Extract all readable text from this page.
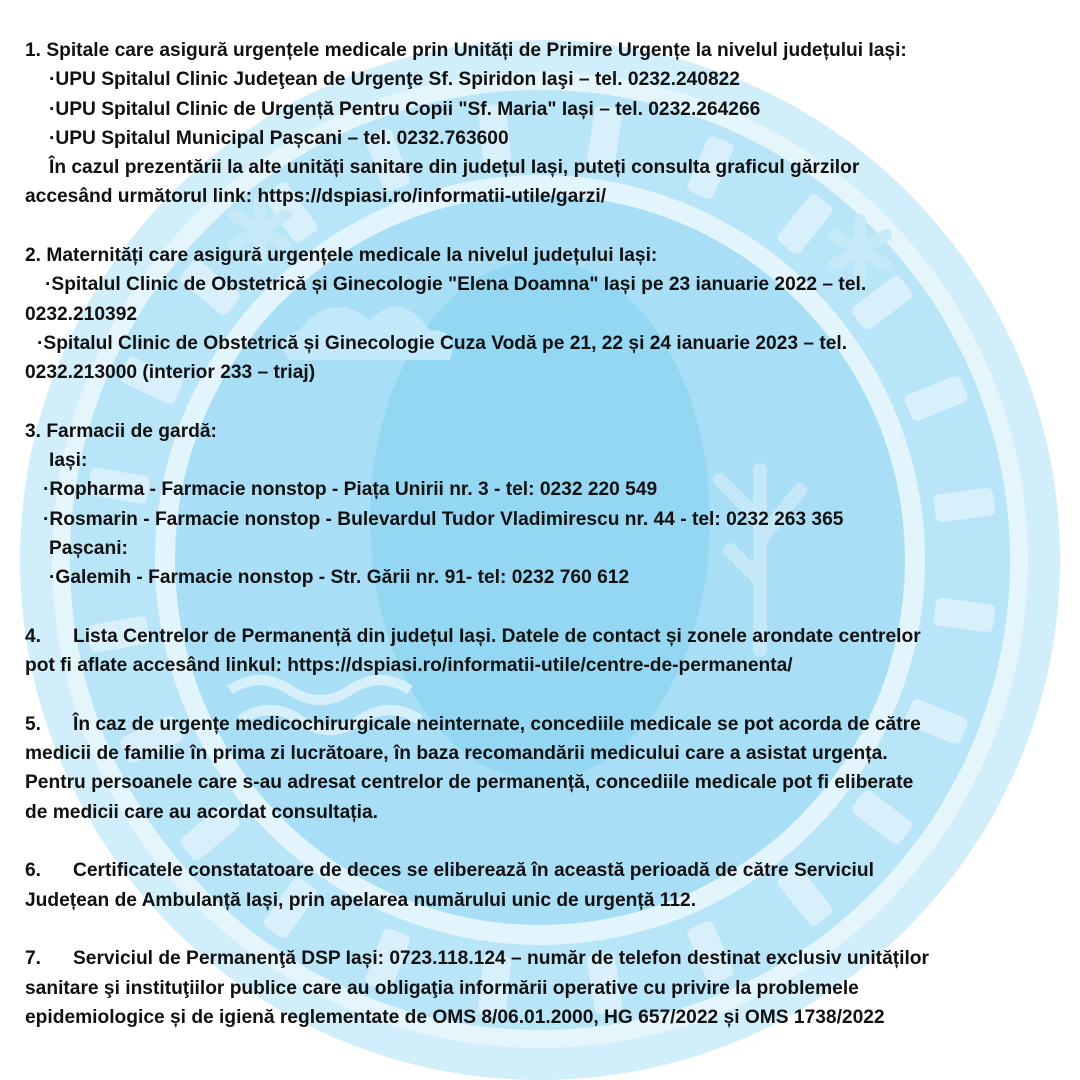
1. Spitale care asigură urgențele medicale prin Unități de Primire Urgențe la nivelul județului Iași:
·UPU Spitalul Clinic Judeţean de Urgenţe Sf. Spiridon Iaşi – tel. 0232.240822
·UPU Spitalul Clinic de Urgență Pentru Copii "Sf. Maria" Iași – tel. 0232.264266
·UPU Spitalul Municipal Pașcani – tel. 0232.763600
În cazul prezentării la alte unități sanitare din județul Iași, puteți consulta graficul gărzilor
accesând următorul link: https://dspiasi.ro/informatii-utile/garzi/
2. Maternități care asigură urgențele medicale la nivelul județului Iași:
·Spitalul Clinic de Obstetrică și Ginecologie "Elena Doamna" Iași pe 23 ianuarie 2022 – tel.
0232.210392
·Spitalul Clinic de Obstetrică și Ginecologie Cuza Vodă pe 21, 22 și 24 ianuarie 2023 – tel.
0232.213000 (interior 233 – triaj)
3. Farmacii de gardă:
Iași:
·Ropharma - Farmacie nonstop - Piața Unirii nr. 3 - tel: 0232 220 549
·Rosmarin - Farmacie nonstop - Bulevardul Tudor Vladimirescu nr. 44 - tel: 0232 263 365
Pașcani:
·Galemih - Farmacie nonstop - Str. Gării nr. 91- tel: 0232 760 612
4. Lista Centrelor de Permanență din județul Iași. Datele de contact și zonele arondate centrelor
pot fi aflate accesând linkul: https://dspiasi.ro/informatii-utile/centre-de-permanenta/
5. În caz de urgențe medicochirurgicale neinternate, concediile medicale se pot acorda de către
medicii de familie în prima zi lucrătoare, în baza recomandării medicului care a asistat urgența.
Pentru persoanele care s-au adresat centrelor de permanență, concediile medicale pot fi eliberate
de medicii care au acordat consultația.
6. Certificatele constatatoare de deces se eliberează în această perioadă de către Serviciul
Județean de Ambulanță Iași, prin apelarea numărului unic de urgență 112.
7. Serviciul de Permanenţă DSP Iași: 0723.118.124 – număr de telefon destinat exclusiv unităților
sanitare şi instituţiilor publice care au obligaţia informării operative cu privire la problemele
epidemiologice și de igienă reglementate de OMS 8/06.01.2000, HG 657/2022 și OMS 1738/2022
